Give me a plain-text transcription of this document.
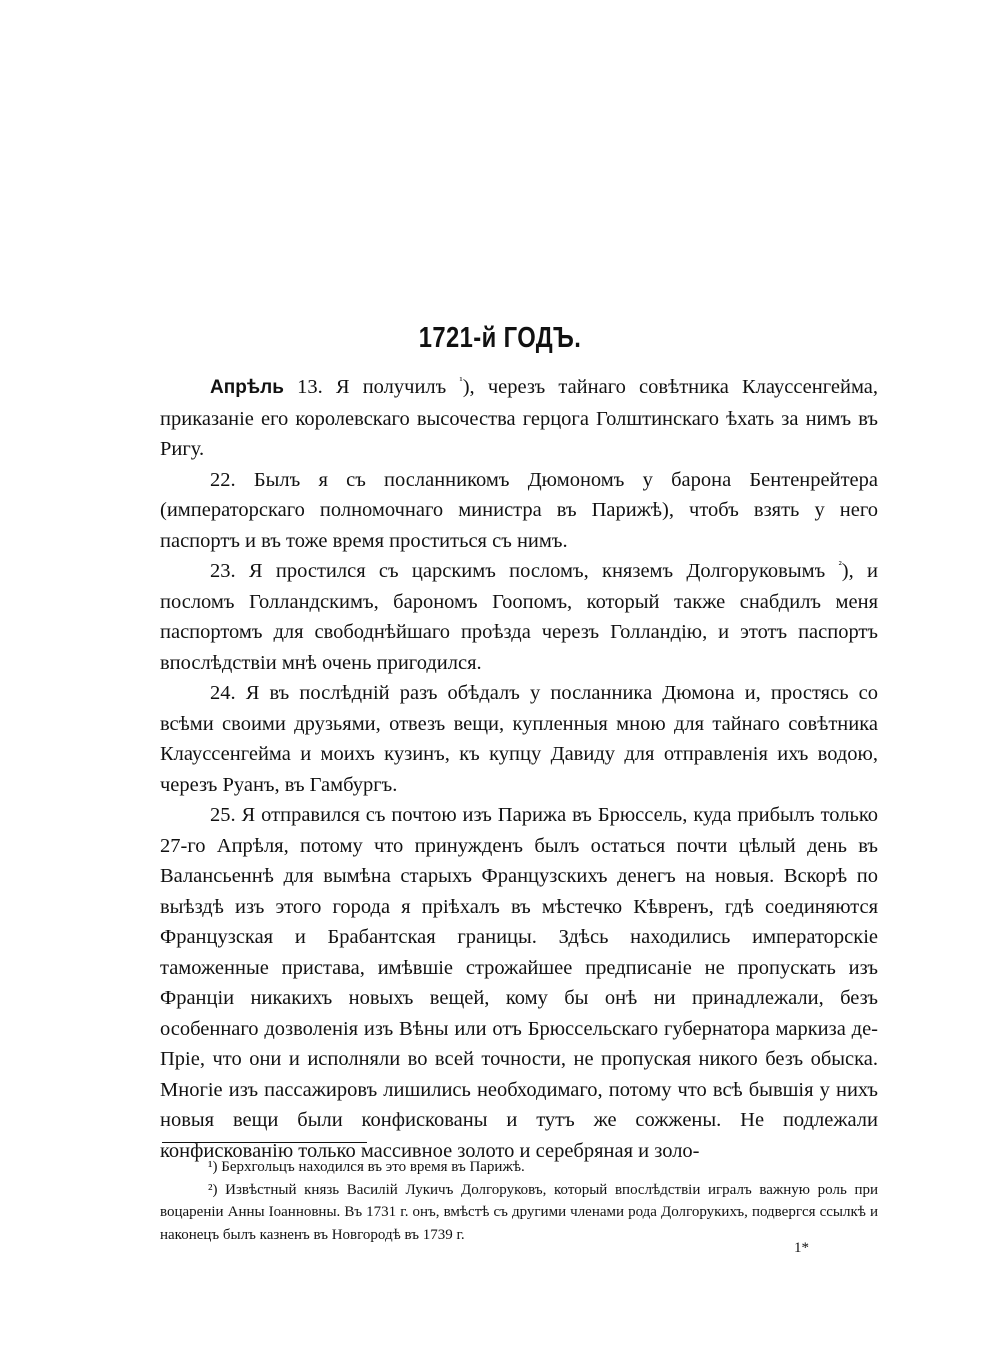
1721-й ГОДЪ.

Апрѣль 13. Я получилъ $^{^1}$), черезъ тайнаго совѣтника Клауссенгейма, приказаніе его королевскаго высочества герцога Голштинскаго ѣхать за нимъ въ Ригу.

22. Былъ я съ посланникомъ Дюмономъ у барона Бентенрейтера (императорскаго полномочнаго министра въ Парижѣ), чтобъ взять у него паспортъ и въ тоже время проститься съ нимъ.

23. Я простился съ царскимъ посломъ, княземъ Долгоруковымъ $^{^2}$), и посломъ Голландскимъ, барономъ Гоопомъ, который также снабдилъ меня паспортомъ для свободнѣйшаго проѣзда черезъ Голландію, и этотъ паспортъ впослѣдствіи мнѣ очень пригодился.

24. Я въ послѣдній разъ обѣдалъ у посланника Дюмона и, простясь со всѣми своими друзьями, отвезъ вещи, купленныя мною для тайнаго совѣтника Клауссенгейма и моихъ кузинъ, къ купцу Давиду для отправленія ихъ водою, черезъ Руанъ, въ Гамбургъ.

25. Я отправился съ почтою изъ Парижа въ Брюссель, куда прибылъ только 27-го Апрѣля, потому что принужденъ былъ остаться почти цѣлый день въ Валансьеннѣ для вымѣна старыхъ Французскихъ денегъ на новыя. Вскорѣ по выѣздѣ изъ этого города я пріѣхалъ въ мѣстечко Кѣвренъ, гдѣ соединяются Французская и Брабантская границы. Здѣсь находились императорскіе таможенные пристава, имѣвшіе строжайшее предписаніе не пропускать изъ Франціи никакихъ новыхъ вещей, кому бы онѣ ни принадлежали, безъ особеннаго дозволенія изъ Вѣны или отъ Брюссельскаго губернатора маркиза де-Пріе, что они и исполняли во всей точности, не пропуская никого безъ обыска. Многіе изъ пассажировъ лишились необходимаго, потому что всѣ бывшія у нихъ новыя вещи были конфискованы и тутъ же сожжены. Не подлежали конфискованію только массивное золото и серебряная и золо-

¹) Берхгольцъ находился въ это время въ Парижѣ.

²) Извѣстный князь Василій Лукичъ Долгоруковъ, который впослѣдствіи игралъ важную роль при воцареніи Анны Іоанновны. Въ 1731 г. онъ, вмѣстѣ съ другими членами рода Долгорукихъ, подвергся ссылкѣ и наконецъ былъ казненъ въ Новгородѣ въ 1739 г.

1*
